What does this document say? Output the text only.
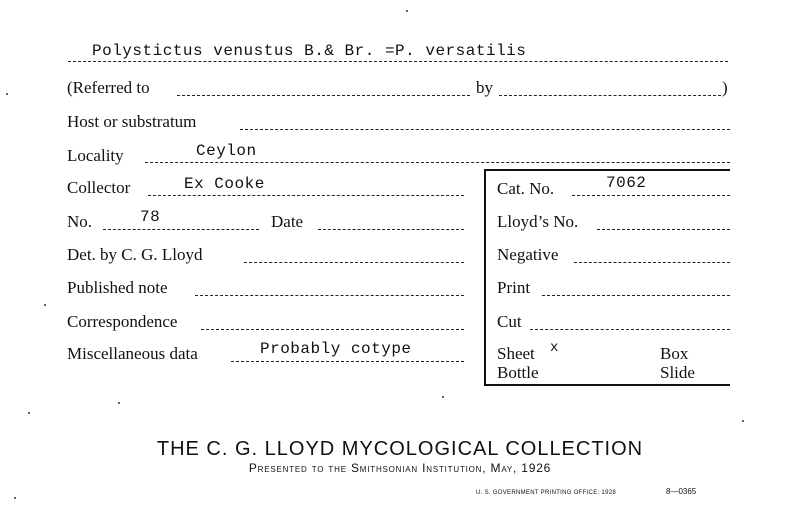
Polystictus venustus B.& Br. =P. versatilis
(Referred to	by	)
Host or substratum
Locality	Ceylon
Collector	Ex Cooke
No.	78	Date
Det. by C. G. Lloyd
Published note
Correspondence
Miscellaneous data	Probably cotype
Cat. No.	7062
Lloyd’s No.
Negative
Print
Cut
Sheet x	Box
Bottle	Slide
THE C. G. LLOYD MYCOLOGICAL COLLECTION
Presented to the Smithsonian Institution, May, 1926
U. S. GOVERNMENT PRINTING OFFICE: 1928	8—0365
